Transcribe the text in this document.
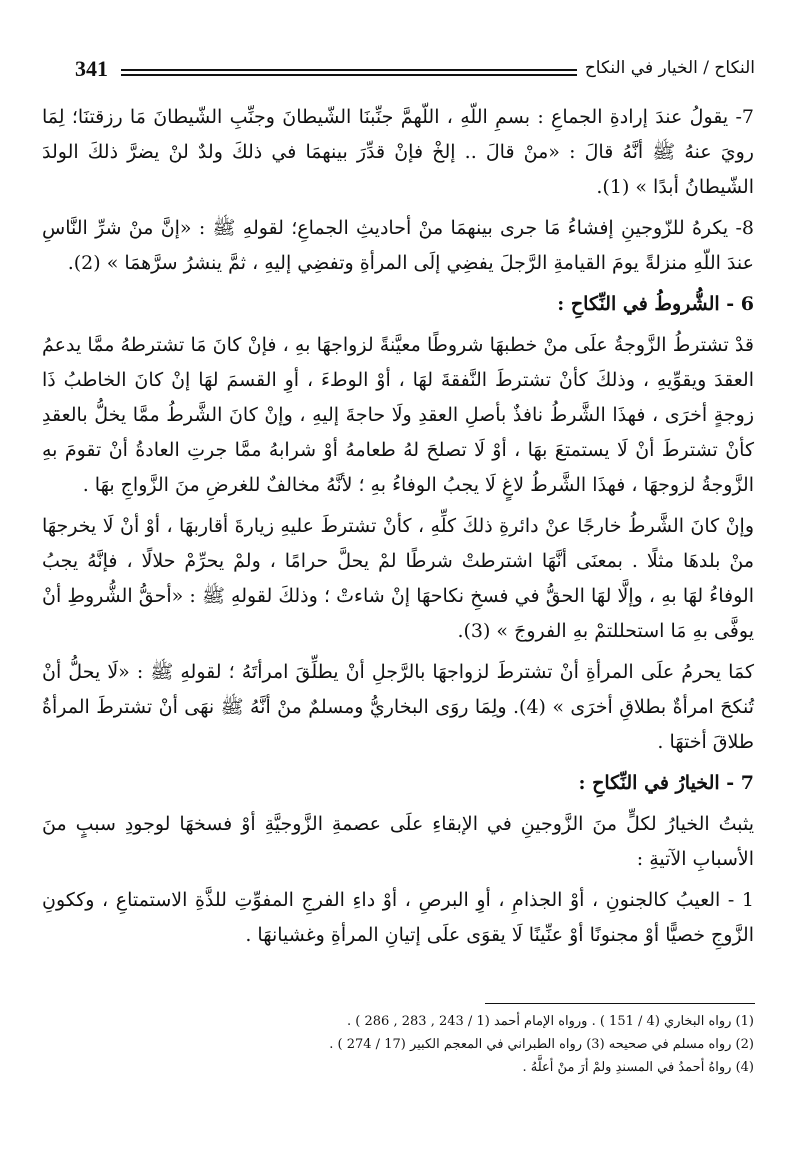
341	النكاح / الخيار في النكاح

7- يقولُ عندَ إرادةِ الجماعِ : بسمِ اللّهِ ، اللّهمَّ جنِّبنَا الشّيطانَ وجنِّبِ الشّيطانَ مَا رزقتنَا؛ لِمَا رويَ عنهُ ﷺ أنَّهُ قالَ : «منْ قالَ .. إلخْ فإنْ قدِّرَ بينهمَا في ذلكَ ولدٌ لنْ يضرَّ ذلكَ الولدَ الشّيطانُ أبدًا » (1).

8- يكرهُ للزّوجينِ إفشاءُ مَا جرى بينهمَا منْ أحاديثِ الجماعِ؛ لقولهِ ﷺ : «إنَّ منْ شرِّ النَّاسِ عندَ اللّهِ منزلةً يومَ القيامةِ الرَّجلَ يفضِي إلَى المرأةِ وتفضِي إليهِ ، ثمَّ ينشرُ سرَّهمَا » (2).

6 - الشُّروطُ في النِّكاحِ :

قدْ تشترطُ الزَّوجةُ علَى منْ خطبهَا شروطًا معيَّنةً لزواجهَا بهِ ، فإنْ كانَ مَا تشترطهُ ممَّا يدعمُ العقدَ ويقوِّيهِ ، وذلكَ كأنْ تشترطَ النَّفقةَ لهَا ، أوْ الوطءَ ، أوِ القسمَ لهَا إنْ كانَ الخاطبُ ذَا زوجةٍ أخرَى ، فهذَا الشَّرطُ نافذٌ بأصلِ العقدِ ولَا حاجةَ إليهِ ، وإنْ كانَ الشَّرطُ ممَّا يخلُّ بالعقدِ كأنْ تشترطَ أنْ لَا يستمتعَ بهَا ، أوْ لَا تصلحَ لهُ طعامهُ أوْ شرابهُ ممَّا جرتِ العادةُ أنْ تقومَ بهِ الزَّوجةُ لزوجهَا ، فهذَا الشَّرطُ لاغٍ لَا يجبُ الوفاءُ بهِ ؛ لأنَّهُ مخالفٌ للغرضِ منَ الزَّواجِ بهَا .

وإنْ كانَ الشَّرطُ خارجًا عنْ دائرةِ ذلكَ كلِّهِ ، كأنْ تشترطَ عليهِ زيارةَ أقاربهَا ، أوْ أنْ لَا يخرجهَا منْ بلدهَا مثلًا . بمعنَى أنَّهَا اشترطتْ شرطًا لمْ يحلَّ حرامًا ، ولمْ يحرِّمْ حلالًا ، فإنَّهُ يجبُ الوفاءُ لهَا بهِ ، وإلَّا لهَا الحقُّ في فسخِ نكاحهَا إنْ شاءتْ ؛ وذلكَ لقولهِ ﷺ : «أحقُّ الشُّروطِ أنْ يوفَّى بهِ مَا استحللتمْ بهِ الفروجَ » (3).

كمَا يحرمُ علَى المرأةِ أنْ تشترطَ لزواجهَا بالرَّجلِ أنْ يطلِّقَ امرأتَهُ ؛ لقولهِ ﷺ : «لَا يحلُّ أنْ تُنكحَ امرأةٌ بطلاقِ أخرَى » (4). ولِمَا روَى البخاريُّ ومسلمٌ منْ أنَّهُ ﷺ نهَى أنْ تشترطَ المرأةُ طلاقَ أختهَا .

7 - الخيارُ في النِّكاحِ :

يثبتُ الخيارُ لكلٍّ منَ الزَّوجينِ في الإبقاءِ علَى عصمةِ الزَّوجيَّةِ أوْ فسخهَا لوجودِ سببٍ منَ الأسبابِ الآتيةِ :

1 - العيبُ كالجنونِ ، أوْ الجذامِ ، أوِ البرصِ ، أوْ داءِ الفرجِ المفوِّتِ للذَّةِ الاستمتاعِ ، وككونِ الزَّوجِ خصيًّا أوْ مجنونًا أوْ عنِّينًا لَا يقوَى علَى إتيانِ المرأةِ وغشيانهَا .

(1) رواه البخاري (4 / 151 ) . ورواه الإمام أحمد (1 / 243 , 283 , 286 ) .
(2) رواه مسلم في صحيحه (3) رواه الطبراني في المعجم الكبير (17 / 274 ) .
(4) رواهُ أحمدُ في المسندِ ولمْ أرَ منْ أعلَّهُ .
